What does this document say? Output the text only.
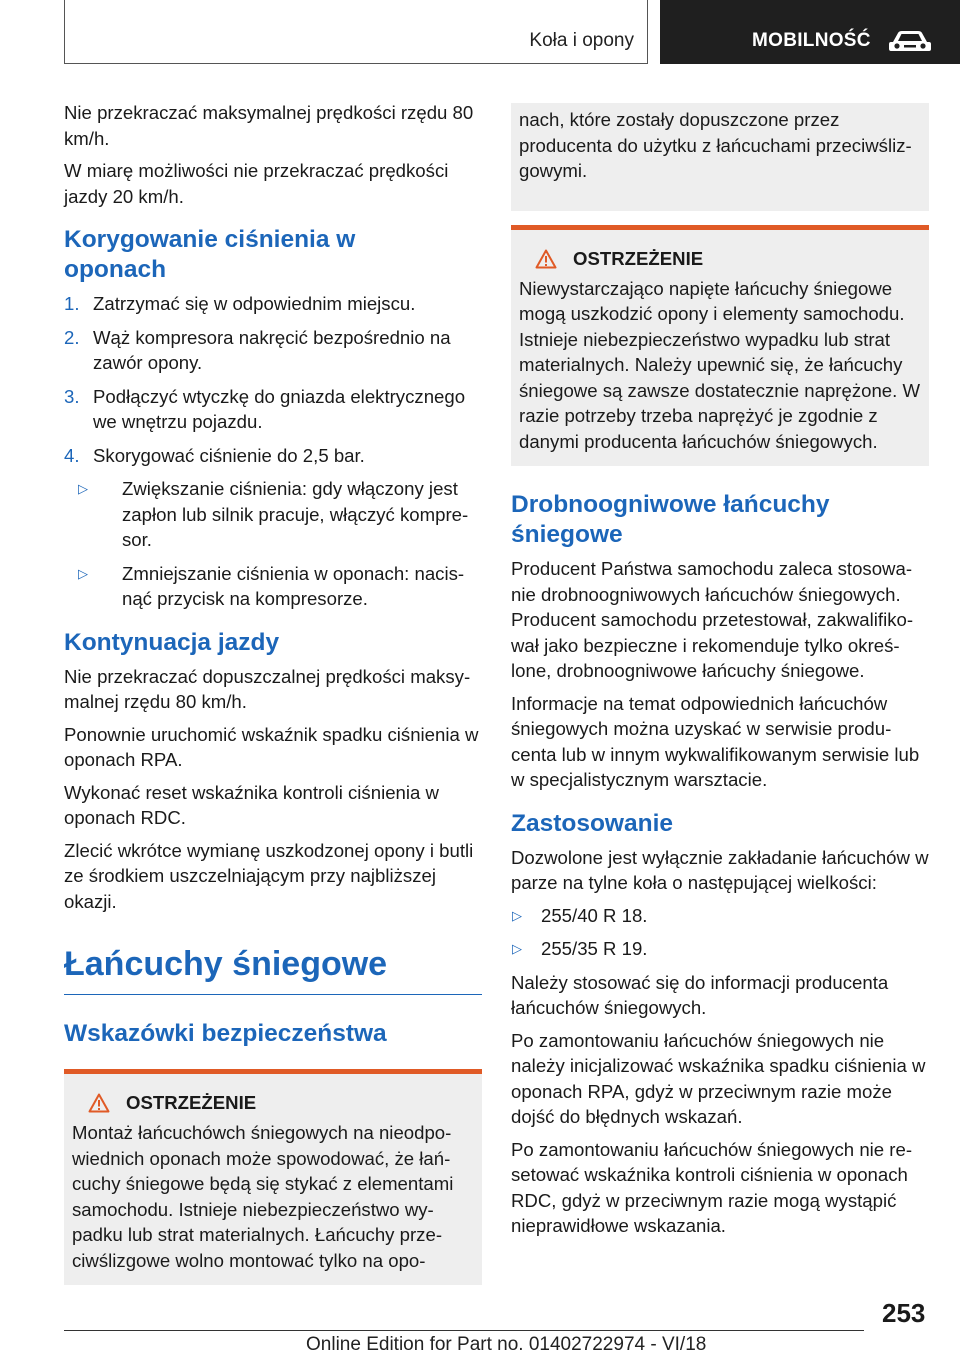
Koła i opony	MOBILNOŚĆ

Nie przekraczać maksymalnej prędkości rzędu 80 km/h.

W miarę możliwości nie przekraczać prędkości jazdy 20 km/h.

Korygowanie ciśnienia w oponach
1. Zatrzymać się w odpowiednim miejscu.
2. Wąż kompresora nakręcić bezpośrednio na zawór opony.
3. Podłączyć wtyczkę do gniazda elektrycznego we wnętrzu pojazdu.
4. Skorygować ciśnienie do 2,5 bar.
▷ Zwiększanie ciśnienia: gdy włączony jest zapłon lub silnik pracuje, włączyć kompresor.
▷ Zmniejszanie ciśnienia w oponach: nacisnąć przycisk na kompresorze.
Kontynuacja jazdy

Nie przekraczać dopuszczalnej prędkości maksymalnej rzędu 80 km/h.

Ponownie uruchomić wskaźnik spadku ciśnienia w oponach RPA.

Wykonać reset wskaźnika kontroli ciśnienia w oponach RDC.

Zlecić wkrótce wymianę uszkodzonej opony i butli ze środkiem uszczelniającym przy najbliższej okazji.

Łańcuchy śniegowe
Wskazówki bezpieczeństwa
OSTRZEŻENIE

Montaż łańcuchówch śniegowych na nieodpowiednich oponach może spowodować, że łańcuchy śniegowe będą się stykać z elementami samochodu. Istnieje niebezpieczeństwo wypadku lub strat materialnych. Łańcuchy przeciwślizgowe wolno montować tylko na opo-

nach, które zostały dopuszczone przez producenta do użytku z łańcuchami przeciwślizgowymi.

OSTRZEŻENIE

Niewystarczająco napięte łańcuchy śniegowe mogą uszkodzić opony i elementy samochodu. Istnieje niebezpieczeństwo wypadku lub strat materialnych. Należy upewnić się, że łańcuchy śniegowe są zawsze dostatecznie naprężone. W razie potrzeby trzeba naprężyć je zgodnie z danymi producenta łańcuchów śniegowych.

Drobnoogniwowe łańcuchy śniegowe

Producent Państwa samochodu zaleca stosowanie drobnoogniwowych łańcuchów śniegowych. Producent samochodu przetestował, zakwalifikował jako bezpieczne i rekomenduje tylko określone, drobnoogniwowe łańcuchy śniegowe.

Informacje na temat odpowiednich łańcuchów śniegowych można uzyskać w serwisie producenta lub w innym wykwalifikowanym serwisie lub w specjalistycznym warsztacie.

Zastosowanie

Dozwolone jest wyłącznie zakładanie łańcuchów w parze na tylne koła o następującej wielkości:

▷ 255/40 R 18.
▷ 255/35 R 19.

Należy stosować się do informacji producenta łańcuchów śniegowych.

Po zamontowaniu łańcuchów śniegowych nie należy inicjalizować wskaźnika spadku ciśnienia w oponach RPA, gdyż w przeciwnym razie może dojść do błędnych wskazań.

Po zamontowaniu łańcuchów śniegowych nie resetować wskaźnika kontroli ciśnienia w oponach RDC, gdyż w przeciwnym razie mogą wystąpić nieprawidłowe wskazania.

253
Online Edition for Part no. 01402722974 - VI/18
